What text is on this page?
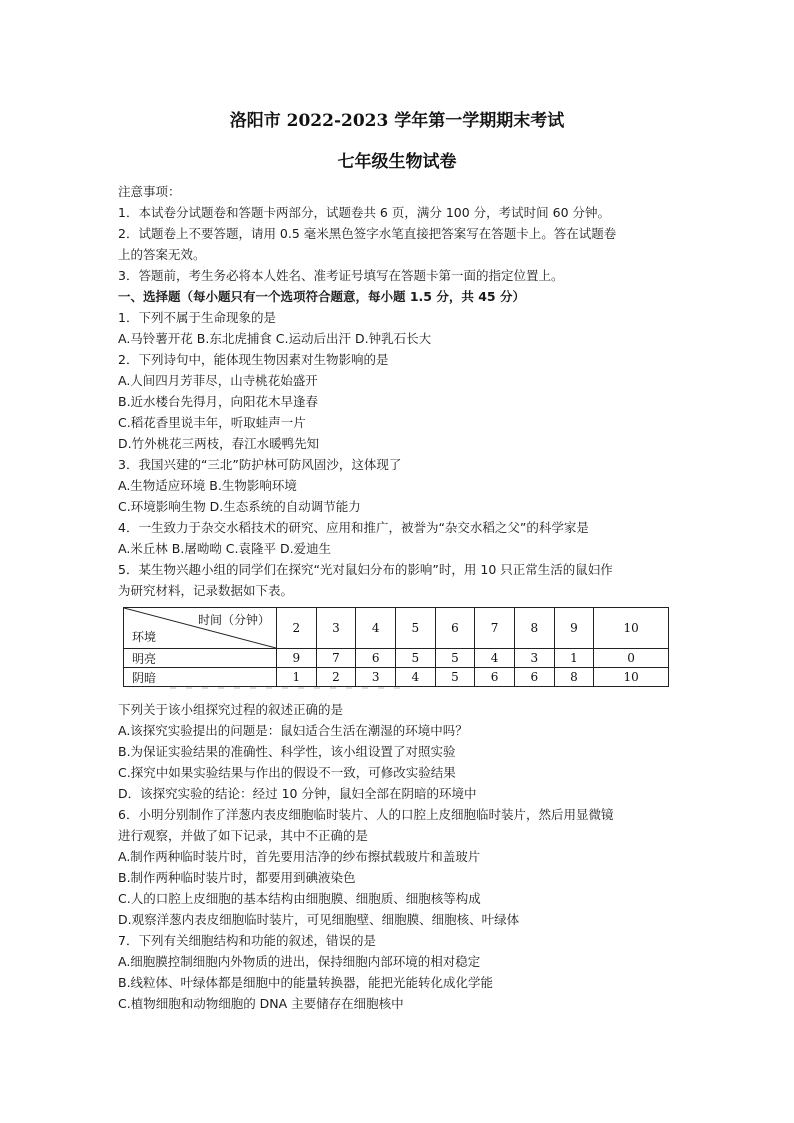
洛阳市 2022-2023 学年第一学期期末考试
七年级生物试卷
注意事项：
1．本试卷分试题卷和答题卡两部分，试题卷共 6 页，满分 100 分，考试时间 60 分钟。
2．试题卷上不要答题，请用 0.5 毫米黑色签字水笔直接把答案写在答题卡上。答在试题卷
上的答案无效。
3．答题前，考生务必将本人姓名、准考证号填写在答题卡第一面的指定位置上。
一、选择题（每小题只有一个选项符合题意，每小题 1.5 分，共 45 分）
1．下列不属于生命现象的是
A.马铃薯开花 B.东北虎捕食 C.运动后出汗 D.钟乳石长大
2．下列诗句中，能体现生物因素对生物影响的是
A.人间四月芳菲尽，山寺桃花始盛开
B.近水楼台先得月，向阳花木早逢春
C.稻花香里说丰年，听取蛙声一片
D.竹外桃花三两枝，春江水暖鸭先知
3．我国兴建的“三北”防护林可防风固沙，这体现了
A.生物适应环境 B.生物影响环境
C.环境影响生物 D.生态系统的自动调节能力
4．一生致力于杂交水稻技术的研究、应用和推广，被誉为“杂交水稻之父”的科学家是
A.米丘林 B.屠呦呦 C.袁隆平 D.爱迪生
5．某生物兴趣小组的同学们在探究“光对鼠妇分布的影响”时，用 10 只正常生活的鼠妇作
为研究材料，记录数据如下表。
时间（分钟）
环境	2	3	4	5	6	7	8	9	10
明亮	9	7	6	5	5	4	3	1	0
阴暗	1	2	3	4	5	6	6	8	10
下列关于该小组探究过程的叙述正确的是
A.该探究实验提出的问题是：鼠妇适合生活在潮湿的环境中吗？
B.为保证实验结果的准确性、科学性，该小组设置了对照实验
C.探究中如果实验结果与作出的假设不一致，可修改实验结果
D．该探究实验的结论：经过 10 分钟，鼠妇全部在阴暗的环境中
6．小明分别制作了洋葱内表皮细胞临时装片、人的口腔上皮细胞临时装片，然后用显微镜
进行观察，并做了如下记录，其中不正确的是
A.制作两种临时装片时，首先要用洁净的纱布擦拭载玻片和盖玻片
B.制作两种临时装片时，都要用到碘液染色
C.人的口腔上皮细胞的基本结构由细胞膜、细胞质、细胞核等构成
D.观察洋葱内表皮细胞临时装片，可见细胞壁、细胞膜、细胞核、叶绿体
7．下列有关细胞结构和功能的叙述，错误的是
A.细胞膜控制细胞内外物质的进出，保持细胞内部环境的相对稳定
B.线粒体、叶绿体都是细胞中的能量转换器，能把光能转化成化学能
C.植物细胞和动物细胞的 DNA 主要储存在细胞核中
